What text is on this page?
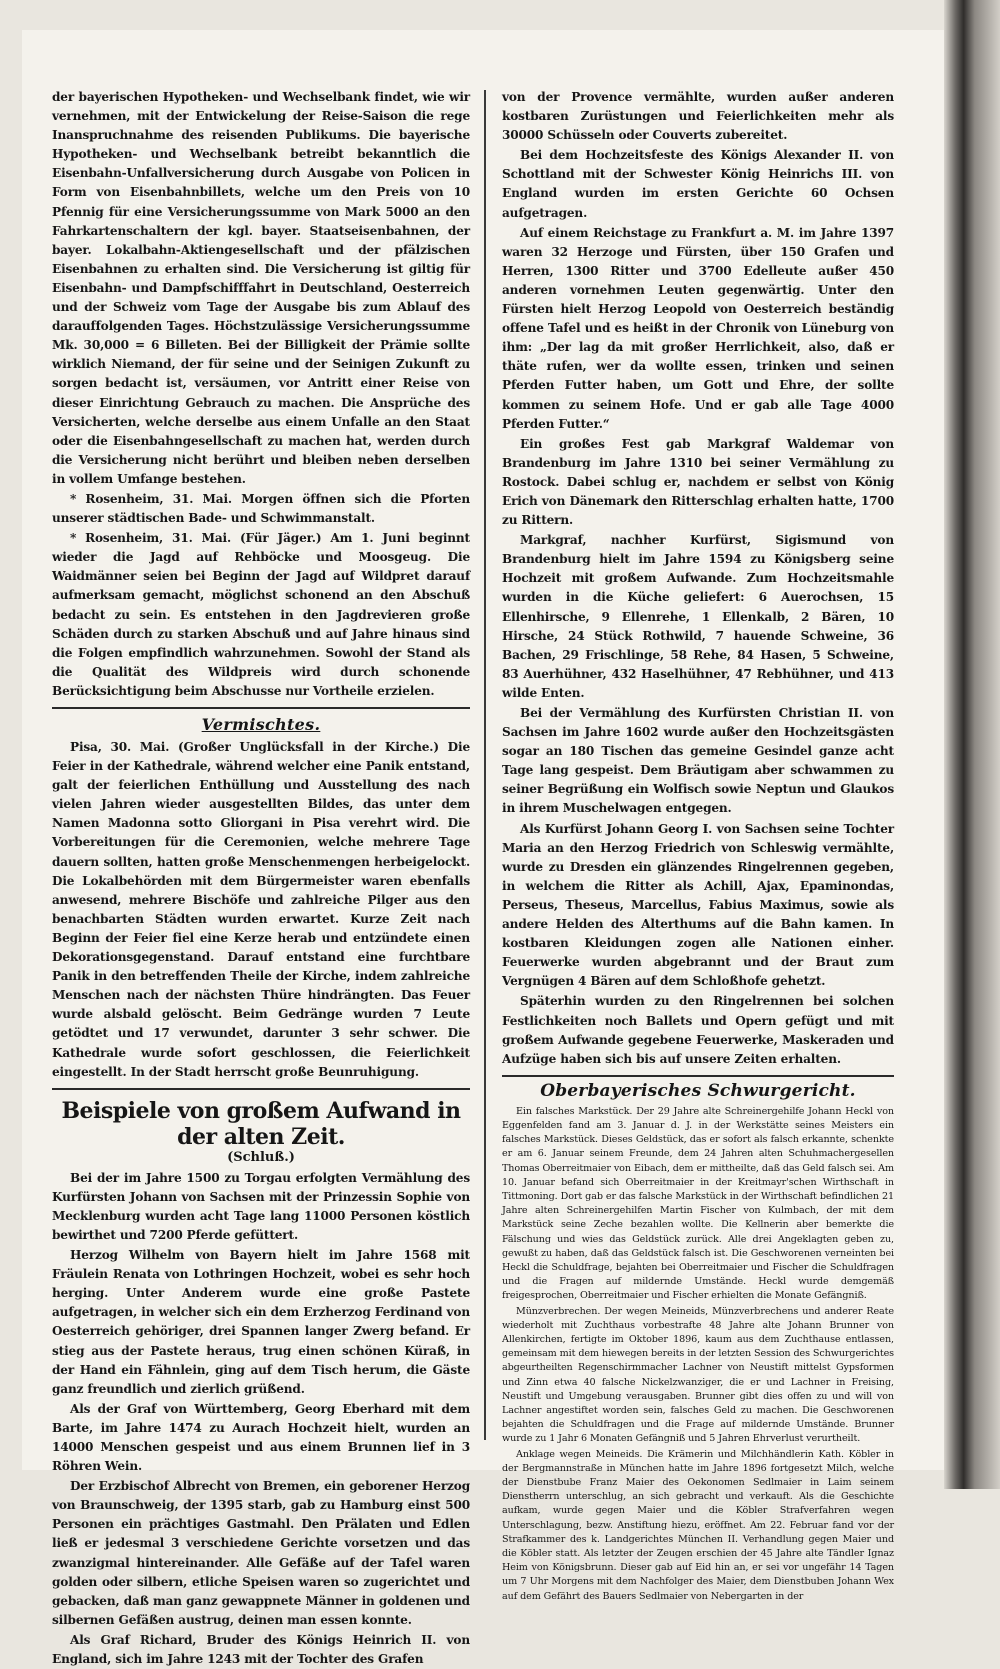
der bayerischen Hypotheken- und Wechselbank findet, wie wir vernehmen, mit der Entwickelung der Reise-Saison die rege Inanspruchnahme des reisenden Publikums. Die bayerische Hypotheken- und Wechselbank betreibt bekanntlich die Eisenbahn-Unfallversicherung durch Ausgabe von Policen in Form von Eisenbahnbillets, welche um den Preis von 10 Pfennig für eine Versicherungssumme von Mark 5000 an den Fahrkartenschaltern der kgl. bayer. Staatseisenbahnen, der bayer. Lokalbahn-Aktiengesellschaft und der pfälzischen Eisenbahnen zu erhalten sind. Die Versicherung ist giltig für Eisenbahn- und Dampfschifffahrt in Deutschland, Oesterreich und der Schweiz vom Tage der Ausgabe bis zum Ablauf des darauffolgenden Tages. Höchstzulässige Versicherungssumme Mk. 30,000 = 6 Billeten. Bei der Billigkeit der Prämie sollte wirklich Niemand, der für seine und der Seinigen Zukunft zu sorgen bedacht ist, versäumen, vor Antritt einer Reise von dieser Einrichtung Gebrauch zu machen. Die Ansprüche des Versicherten, welche derselbe aus einem Unfalle an den Staat oder die Eisenbahngesellschaft zu machen hat, werden durch die Versicherung nicht berührt und bleiben neben derselben in vollem Umfange bestehen.

* Rosenheim, 31. Mai. Morgen öffnen sich die Pforten unserer städtischen Bade- und Schwimmanstalt.

* Rosenheim, 31. Mai. (Für Jäger.) Am 1. Juni beginnt wieder die Jagd auf Rehböcke und Moosgeug. Die Waidmänner seien bei Beginn der Jagd auf Wildpret darauf aufmerksam gemacht, möglichst schonend an den Abschuß bedacht zu sein. Es entstehen in den Jagdrevieren große Schäden durch zu starken Abschuß und auf Jahre hinaus sind die Folgen empfindlich wahrzunehmen. Sowohl der Stand als die Qualität des Wildpreis wird durch schonende Berücksichtigung beim Abschusse nur Vortheile erzielen.

Vermischtes.

Pisa, 30. Mai. (Großer Unglücksfall in der Kirche.) Die Feier in der Kathedrale, während welcher eine Panik entstand, galt der feierlichen Enthüllung und Ausstellung des nach vielen Jahren wieder ausgestellten Bildes, das unter dem Namen Madonna sotto Gliorgani in Pisa verehrt wird. Die Vorbereitungen für die Ceremonien, welche mehrere Tage dauern sollten, hatten große Menschenmengen herbeigelockt. Die Lokalbehörden mit dem Bürgermeister waren ebenfalls anwesend, mehrere Bischöfe und zahlreiche Pilger aus den benachbarten Städten wurden erwartet. Kurze Zeit nach Beginn der Feier fiel eine Kerze herab und entzündete einen Dekorationsgegenstand. Darauf entstand eine furchtbare Panik in den betreffenden Theile der Kirche, indem zahlreiche Menschen nach der nächsten Thüre hindrängten. Das Feuer wurde alsbald gelöscht. Beim Gedränge wurden 7 Leute getödtet und 17 verwundet, darunter 3 sehr schwer. Die Kathedrale wurde sofort geschlossen, die Feierlichkeit eingestellt. In der Stadt herrscht große Beunruhigung.

Beispiele von großem Aufwand in der alten Zeit.
(Schluß.)

Bei der im Jahre 1500 zu Torgau erfolgten Vermählung des Kurfürsten Johann von Sachsen mit der Prinzessin Sophie von Mecklenburg wurden acht Tage lang 11000 Personen köstlich bewirthet und 7200 Pferde gefüttert.

Herzog Wilhelm von Bayern hielt im Jahre 1568 mit Fräulein Renata von Lothringen Hochzeit, wobei es sehr hoch herging. Unter Anderem wurde eine große Pastete aufgetragen, in welcher sich ein dem Erzherzog Ferdinand von Oesterreich gehöriger, drei Spannen langer Zwerg befand. Er stieg aus der Pastete heraus, trug einen schönen Küraß, in der Hand ein Fähnlein, ging auf dem Tisch herum, die Gäste ganz freundlich und zierlich grüßend.

Als der Graf von Württemberg, Georg Eberhard mit dem Barte, im Jahre 1474 zu Aurach Hochzeit hielt, wurden an 14000 Menschen gespeist und aus einem Brunnen lief in 3 Röhren Wein.

Der Erzbischof Albrecht von Bremen, ein geborener Herzog von Braunschweig, der 1395 starb, gab zu Hamburg einst 500 Personen ein prächtiges Gastmahl. Den Prälaten und Edlen ließ er jedesmal 3 verschiedene Gerichte vorsetzen und das zwanzigmal hintereinander. Alle Gefäße auf der Tafel waren golden oder silbern, etliche Speisen waren so zugerichtet und gebacken, daß man ganz gewappnete Männer in goldenen und silbernen Gefäßen austrug, deinen man essen konnte.

Als Graf Richard, Bruder des Königs Heinrich II. von England, sich im Jahre 1243 mit der Tochter des Grafen

von der Provence vermählte, wurden außer anderen kostbaren Zurüstungen und Feierlichkeiten mehr als 30000 Schüsseln oder Couverts zubereitet.

Bei dem Hochzeitsfeste des Königs Alexander II. von Schottland mit der Schwester König Heinrichs III. von England wurden im ersten Gerichte 60 Ochsen aufgetragen.

Auf einem Reichstage zu Frankfurt a. M. im Jahre 1397 waren 32 Herzoge und Fürsten, über 150 Grafen und Herren, 1300 Ritter und 3700 Edelleute außer 450 anderen vornehmen Leuten gegenwärtig. Unter den Fürsten hielt Herzog Leopold von Oesterreich beständig offene Tafel und es heißt in der Chronik von Lüneburg von ihm: „Der lag da mit großer Herrlichkeit, also, daß er thäte rufen, wer da wollte essen, trinken und seinen Pferden Futter haben, um Gott und Ehre, der sollte kommen zu seinem Hofe. Und er gab alle Tage 4000 Pferden Futter.“

Ein großes Fest gab Markgraf Waldemar von Brandenburg im Jahre 1310 bei seiner Vermählung zu Rostock. Dabei schlug er, nachdem er selbst von König Erich von Dänemark den Ritterschlag erhalten hatte, 1700 zu Rittern.

Markgraf, nachher Kurfürst, Sigismund von Brandenburg hielt im Jahre 1594 zu Königsberg seine Hochzeit mit großem Aufwande. Zum Hochzeitsmahle wurden in die Küche geliefert: 6 Auerochsen, 15 Ellenhirsche, 9 Ellenrehe, 1 Ellenkalb, 2 Bären, 10 Hirsche, 24 Stück Rothwild, 7 hauende Schweine, 36 Bachen, 29 Frischlinge, 58 Rehe, 84 Hasen, 5 Schweine, 83 Auerhühner, 432 Haselhühner, 47 Rebhühner, und 413 wilde Enten.

Bei der Vermählung des Kurfürsten Christian II. von Sachsen im Jahre 1602 wurde außer den Hochzeitsgästen sogar an 180 Tischen das gemeine Gesindel ganze acht Tage lang gespeist. Dem Bräutigam aber schwammen zu seiner Begrüßung ein Wolfisch sowie Neptun und Glaukos in ihrem Muschelwagen entgegen.

Als Kurfürst Johann Georg I. von Sachsen seine Tochter Maria an den Herzog Friedrich von Schleswig vermählte, wurde zu Dresden ein glänzendes Ringelrennen gegeben, in welchem die Ritter als Achill, Ajax, Epaminondas, Perseus, Theseus, Marcellus, Fabius Maximus, sowie als andere Helden des Alterthums auf die Bahn kamen. In kostbaren Kleidungen zogen alle Nationen einher. Feuerwerke wurden abgebrannt und der Braut zum Vergnügen 4 Bären auf dem Schloßhofe gehetzt.

Späterhin wurden zu den Ringelrennen bei solchen Festlichkeiten noch Ballets und Opern gefügt und mit großem Aufwande gegebene Feuerwerke, Maskeraden und Aufzüge haben sich bis auf unsere Zeiten erhalten.

Oberbayerisches Schwurgericht.

Ein falsches Markstück. Der 29 Jahre alte Schreinergehilfe Johann Heckl von Eggenfelden fand am 3. Januar d. J. in der Werkstätte seines Meisters ein falsches Markstück. Dieses Geldstück, das er sofort als falsch erkannte, schenkte er am 6. Januar seinem Freunde, dem 24 Jahren alten Schuhmachergesellen Thomas Oberreitmaier von Eibach, dem er mittheilte, daß das Geld falsch sei. Am 10. Januar befand sich Oberreitmaier in der Kreitmayr'schen Wirthschaft in Tittmoning. Dort gab er das falsche Markstück in der Wirthschaft befindlichen 21 Jahre alten Schreinergehilfen Martin Fischer von Kulmbach, der mit dem Markstück seine Zeche bezahlen wollte. Die Kellnerin aber bemerkte die Fälschung und wies das Geldstück zurück. Alle drei Angeklagten geben zu, gewußt zu haben, daß das Geldstück falsch ist. Die Geschworenen verneinten bei Heckl die Schuldfrage, bejahten bei Oberreitmaier und Fischer die Schuldfragen und die Fragen auf mildernde Umstände. Heckl wurde demgemäß freigesprochen, Oberreitmaier und Fischer erhielten die Monate Gefängniß.

Münzverbrechen. Der wegen Meineids, Münzverbrechens und anderer Reate wiederholt mit Zuchthaus vorbestrafte 48 Jahre alte Johann Brunner von Allenkirchen, fertigte im Oktober 1896, kaum aus dem Zuchthause entlassen, gemeinsam mit dem hiewegen bereits in der letzten Session des Schwurgerichtes abgeurtheilten Regenschirmmacher Lachner von Neustift mittelst Gypsformen und Zinn etwa 40 falsche Nickelzwanziger, die er und Lachner in Freising, Neustift und Umgebung verausgaben. Brunner gibt dies offen zu und will von Lachner angestiftet worden sein, falsches Geld zu machen. Die Geschworenen bejahten die Schuldfragen und die Frage auf mildernde Umstände. Brunner wurde zu 1 Jahr 6 Monaten Gefängniß und 5 Jahren Ehrverlust verurtheilt.

Anklage wegen Meineids. Die Krämerin und Milchhändlerin Kath. Köbler in der Bergmannstraße in München hatte im Jahre 1896 fortgesetzt Milch, welche der Dienstbube Franz Maier des Oekonomen Sedlmaier in Laim seinem Dienstherrn unterschlug, an sich gebracht und verkauft. Als die Geschichte aufkam, wurde gegen Maier und die Köbler Strafverfahren wegen Unterschlagung, bezw. Anstiftung hiezu, eröffnet. Am 22. Februar fand vor der Strafkammer des k. Landgerichtes München II. Verhandlung gegen Maier und die Köbler statt. Als letzter der Zeugen erschien der 45 Jahre alte Tändler Ignaz Heim von Königsbrunn. Dieser gab auf Eid hin an, er sei vor ungefähr 14 Tagen um 7 Uhr Morgens mit dem Nachfolger des Maier, dem Dienstbuben Johann Wex auf dem Gefährt des Bauers Sedlmaier von Nebergarten in der
